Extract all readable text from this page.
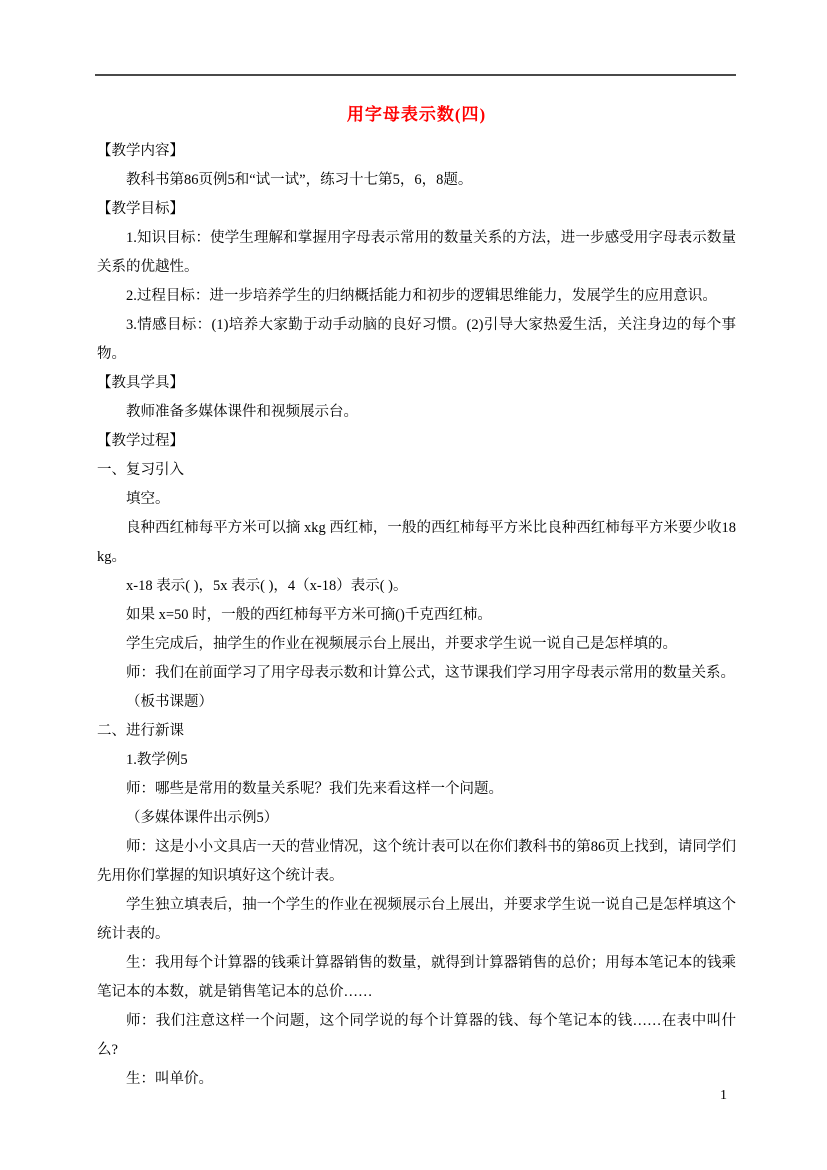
用字母表示数(四)
【教学内容】
教科书第86页例5和“试一试”，练习十七第5，6，8题。
【教学目标】
1.知识目标：使学生理解和掌握用字母表示常用的数量关系的方法，进一步感受用字母表示数量关系的优越性。
2.过程目标：进一步培养学生的归纳概括能力和初步的逻辑思维能力，发展学生的应用意识。
3.情感目标：(1)培养大家勤于动手动脑的良好习惯。(2)引导大家热爱生活，关注身边的每个事物。
【教具学具】
教师准备多媒体课件和视频展示台。
【教学过程】
一、复习引入
填空。
良种西红柿每平方米可以摘 xkg 西红柿，一般的西红柿每平方米比良种西红柿每平方米要少收18kg。
x-18 表示( )，5x 表示( )，4（x-18）表示( )。
如果 x=50 时，一般的西红柿每平方米可摘()千克西红柿。
学生完成后，抽学生的作业在视频展示台上展出，并要求学生说一说自己是怎样填的。
师：我们在前面学习了用字母表示数和计算公式，这节课我们学习用字母表示常用的数量关系。
（板书课题）
二、进行新课
1.教学例5
师：哪些是常用的数量关系呢？我们先来看这样一个问题。
（多媒体课件出示例5）
师：这是小小文具店一天的营业情况，这个统计表可以在你们教科书的第86页上找到，请同学们先用你们掌握的知识填好这个统计表。
学生独立填表后，抽一个学生的作业在视频展示台上展出，并要求学生说一说自己是怎样填这个统计表的。
生：我用每个计算器的钱乘计算器销售的数量，就得到计算器销售的总价；用每本笔记本的钱乘笔记本的本数，就是销售笔记本的总价……
师：我们注意这样一个问题，这个同学说的每个计算器的钱、每个笔记本的钱……在表中叫什么?
生：叫单价。
1
